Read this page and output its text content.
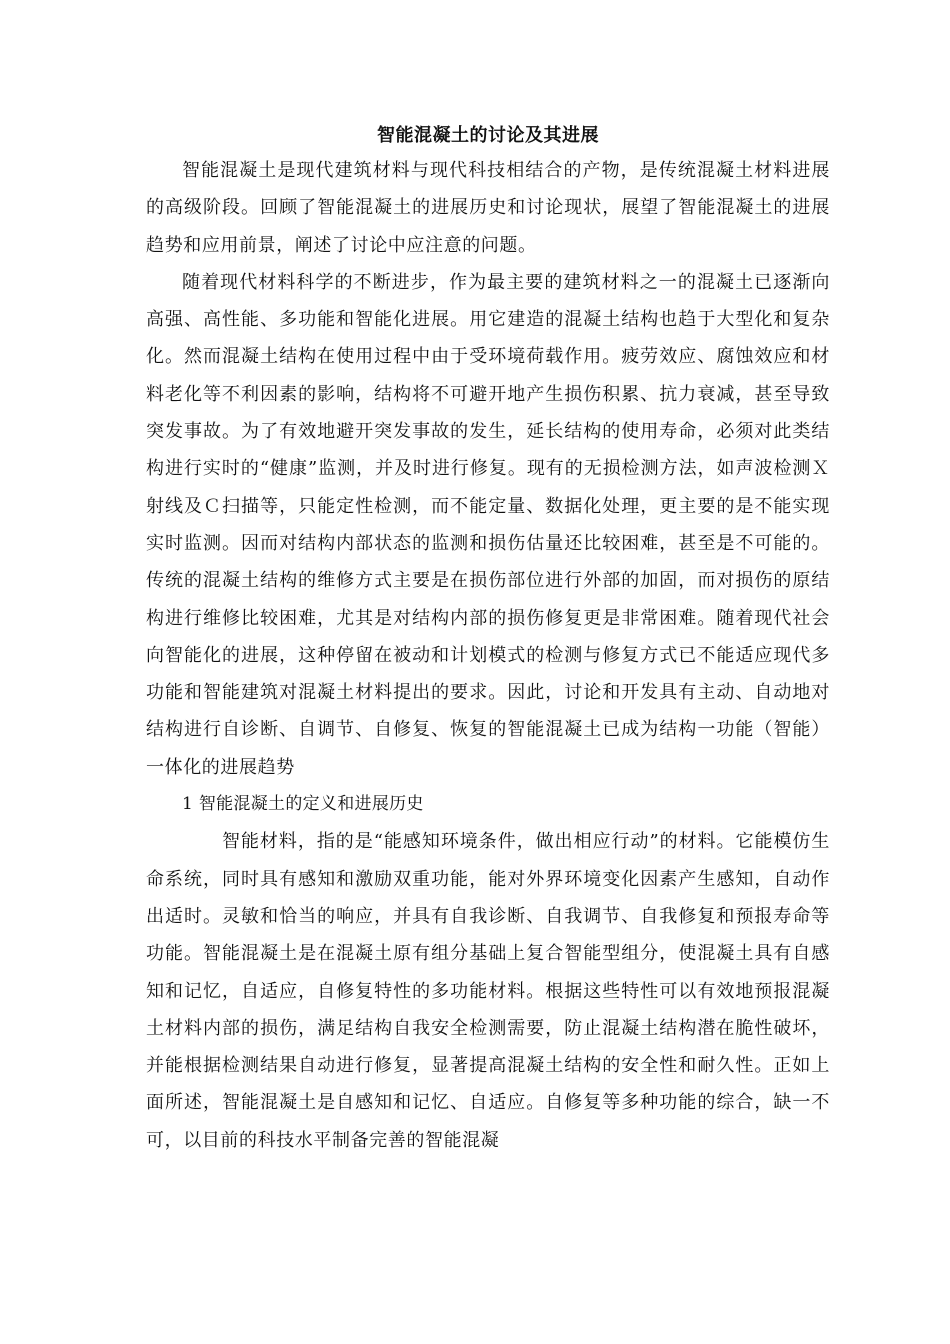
智能混凝土的讨论及其进展

智能混凝土是现代建筑材料与现代科技相结合的产物，是传统混凝土材料进展的高级阶段。回顾了智能混凝土的进展历史和讨论现状，展望了智能混凝土的进展趋势和应用前景，阐述了讨论中应注意的问题。

随着现代材料科学的不断进步，作为最主要的建筑材料之一的混凝土已逐渐向高强、高性能、多功能和智能化进展。用它建造的混凝土结构也趋于大型化和复杂化。然而混凝土结构在使用过程中由于受环境荷载作用。疲劳效应、腐蚀效应和材料老化等不利因素的影响，结构将不可避开地产生损伤积累、抗力衰减，甚至导致突发事故。为了有效地避开突发事故的发生，延长结构的使用寿命，必须对此类结构进行实时的“健康”监测，并及时进行修复。现有的无损检测方法，如声波检测Ｘ射线及Ｃ扫描等，只能定性检测，而不能定量、数据化处理，更主要的是不能实现实时监测。因而对结构内部状态的监测和损伤估量还比较困难，甚至是不可能的。传统的混凝土结构的维修方式主要是在损伤部位进行外部的加固，而对损伤的原结构进行维修比较困难，尤其是对结构内部的损伤修复更是非常困难。随着现代社会向智能化的进展，这种停留在被动和计划模式的检测与修复方式已不能适应现代多功能和智能建筑对混凝土材料提出的要求。因此，讨论和开发具有主动、自动地对结构进行自诊断、自调节、自修复、恢复的智能混凝土已成为结构一功能（智能）一体化的进展趋势

1 智能混凝土的定义和进展历史

智能材料，指的是“能感知环境条件，做出相应行动”的材料。它能模仿生命系统，同时具有感知和激励双重功能，能对外界环境变化因素产生感知，自动作出适时。灵敏和恰当的响应，并具有自我诊断、自我调节、自我修复和预报寿命等功能。智能混凝土是在混凝土原有组分基础上复合智能型组分，使混凝土具有自感知和记忆，自适应，自修复特性的多功能材料。根据这些特性可以有效地预报混凝土材料内部的损伤，满足结构自我安全检测需要，防止混凝土结构潜在脆性破坏，并能根据检测结果自动进行修复，显著提高混凝土结构的安全性和耐久性。正如上面所述，智能混凝土是自感知和记忆、自适应。自修复等多种功能的综合，缺一不可，以目前的科技水平制备完善的智能混凝
